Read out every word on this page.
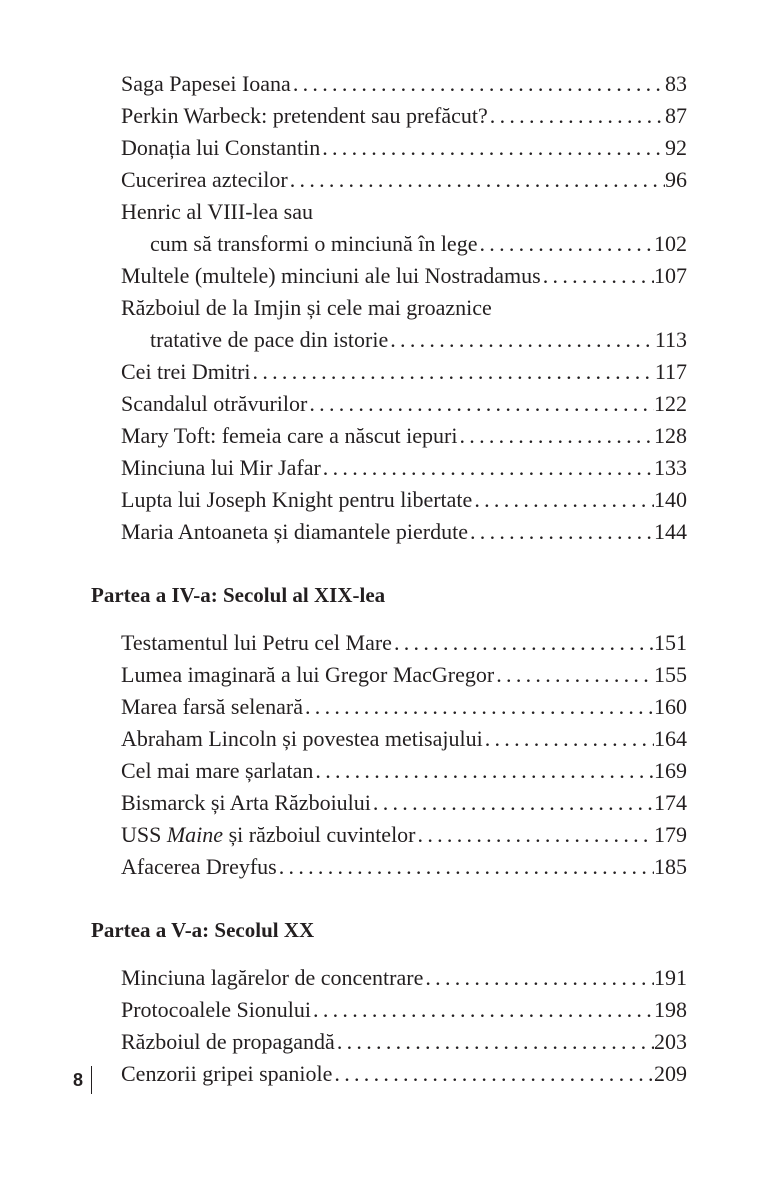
Saga Papesei Ioana . . .	83
Perkin Warbeck: pretendent sau prefăcut? . . .	87
Donația lui Constantin . . .	92
Cucerirea aztecilor . . .	96
Henric al VIII-lea sau
cum să transformi o minciună în lege . . .	102
Multele (multele) minciuni ale lui Nostradamus . . .	107
Războiul de la Imjin și cele mai groaznice
tratative de pace din istorie . . .	113
Cei trei Dmitri . . .	117
Scandalul otrăvurilor . . .	122
Mary Toft: femeia care a născut iepuri . . .	128
Minciuna lui Mir Jafar . . .	133
Lupta lui Joseph Knight pentru libertate . . .	140
Maria Antoaneta și diamantele pierdute . . .	144
Partea a IV-a: Secolul al XIX-lea
Testamentul lui Petru cel Mare . . .	151
Lumea imaginară a lui Gregor MacGregor . . .	155
Marea farsă selenară . . .	160
Abraham Lincoln și povestea metisajului . . .	164
Cel mai mare șarlatan . . .	169
Bismarck și Arta Războiului . . .	174
USS Maine și războiul cuvintelor . . .	179
Afacerea Dreyfus . . .	185
Partea a V-a: Secolul XX
Minciuna lagărelor de concentrare . . .	191
Protocoalele Sionului . . .	198
Războiul de propagandă . . .	203
Cenzorii gripei spaniole . . .	209
8
